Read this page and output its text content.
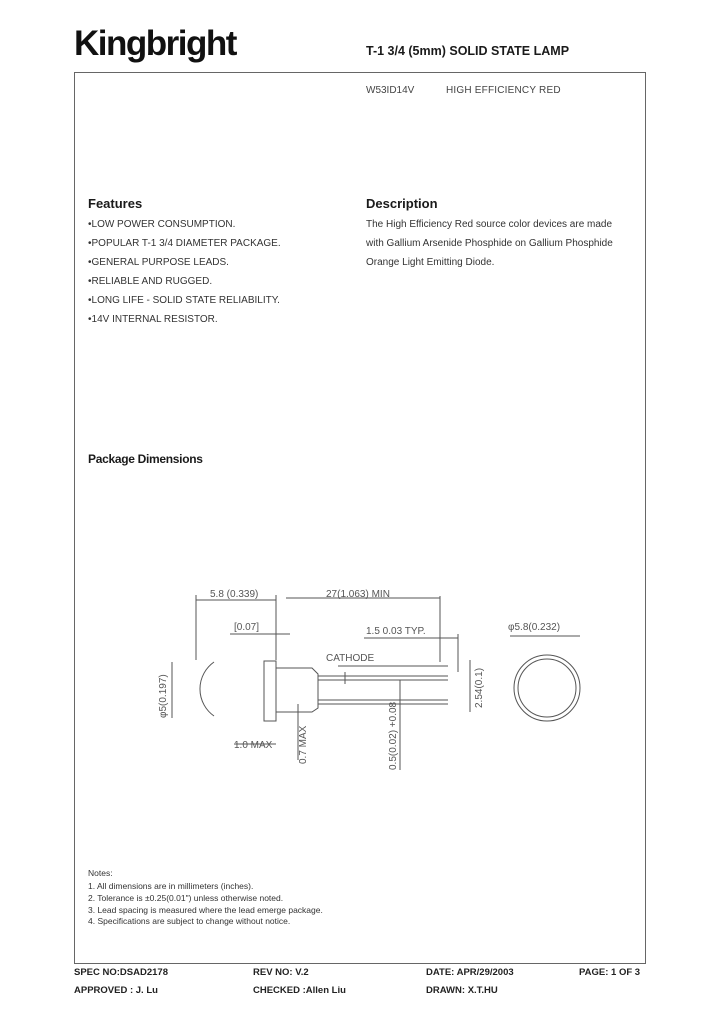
Kingbright	T-1 3/4 (5mm) SOLID STATE LAMP
W53ID14V	HIGH EFFICIENCY RED
Features
•LOW POWER CONSUMPTION.
•POPULAR T-1 3/4 DIAMETER PACKAGE.
•GENERAL PURPOSE LEADS.
•RELIABLE AND RUGGED.
•LONG LIFE - SOLID STATE RELIABILITY.
•14V INTERNAL RESISTOR.
Description
The High Efficiency Red source color devices are made
with Gallium Arsenide Phosphide on Gallium Phosphide
Orange Light Emitting Diode.
Package Dimensions
5.8 (0.339)	27(1.063) MIN
[0.07]	1.5 0.03 TYP.	φ5.8(0.232)
CATHODE
1.0 MAX
φ5(0.197)	2.54(0.1)
0.7 MAX	0.5(0.02) +0.08
Notes:
1. All dimensions are in millimeters (inches).
2. Tolerance is ±0.25(0.01") unless otherwise noted.
3. Lead spacing is measured where the lead emerge package.
4. Specifications are subject to change without notice.
SPEC NO:DSAD2178	REV NO: V.2	DATE: APR/29/2003	PAGE: 1 OF 3
APPROVED : J. Lu	CHECKED :Allen Liu	DRAWN: X.T.HU
